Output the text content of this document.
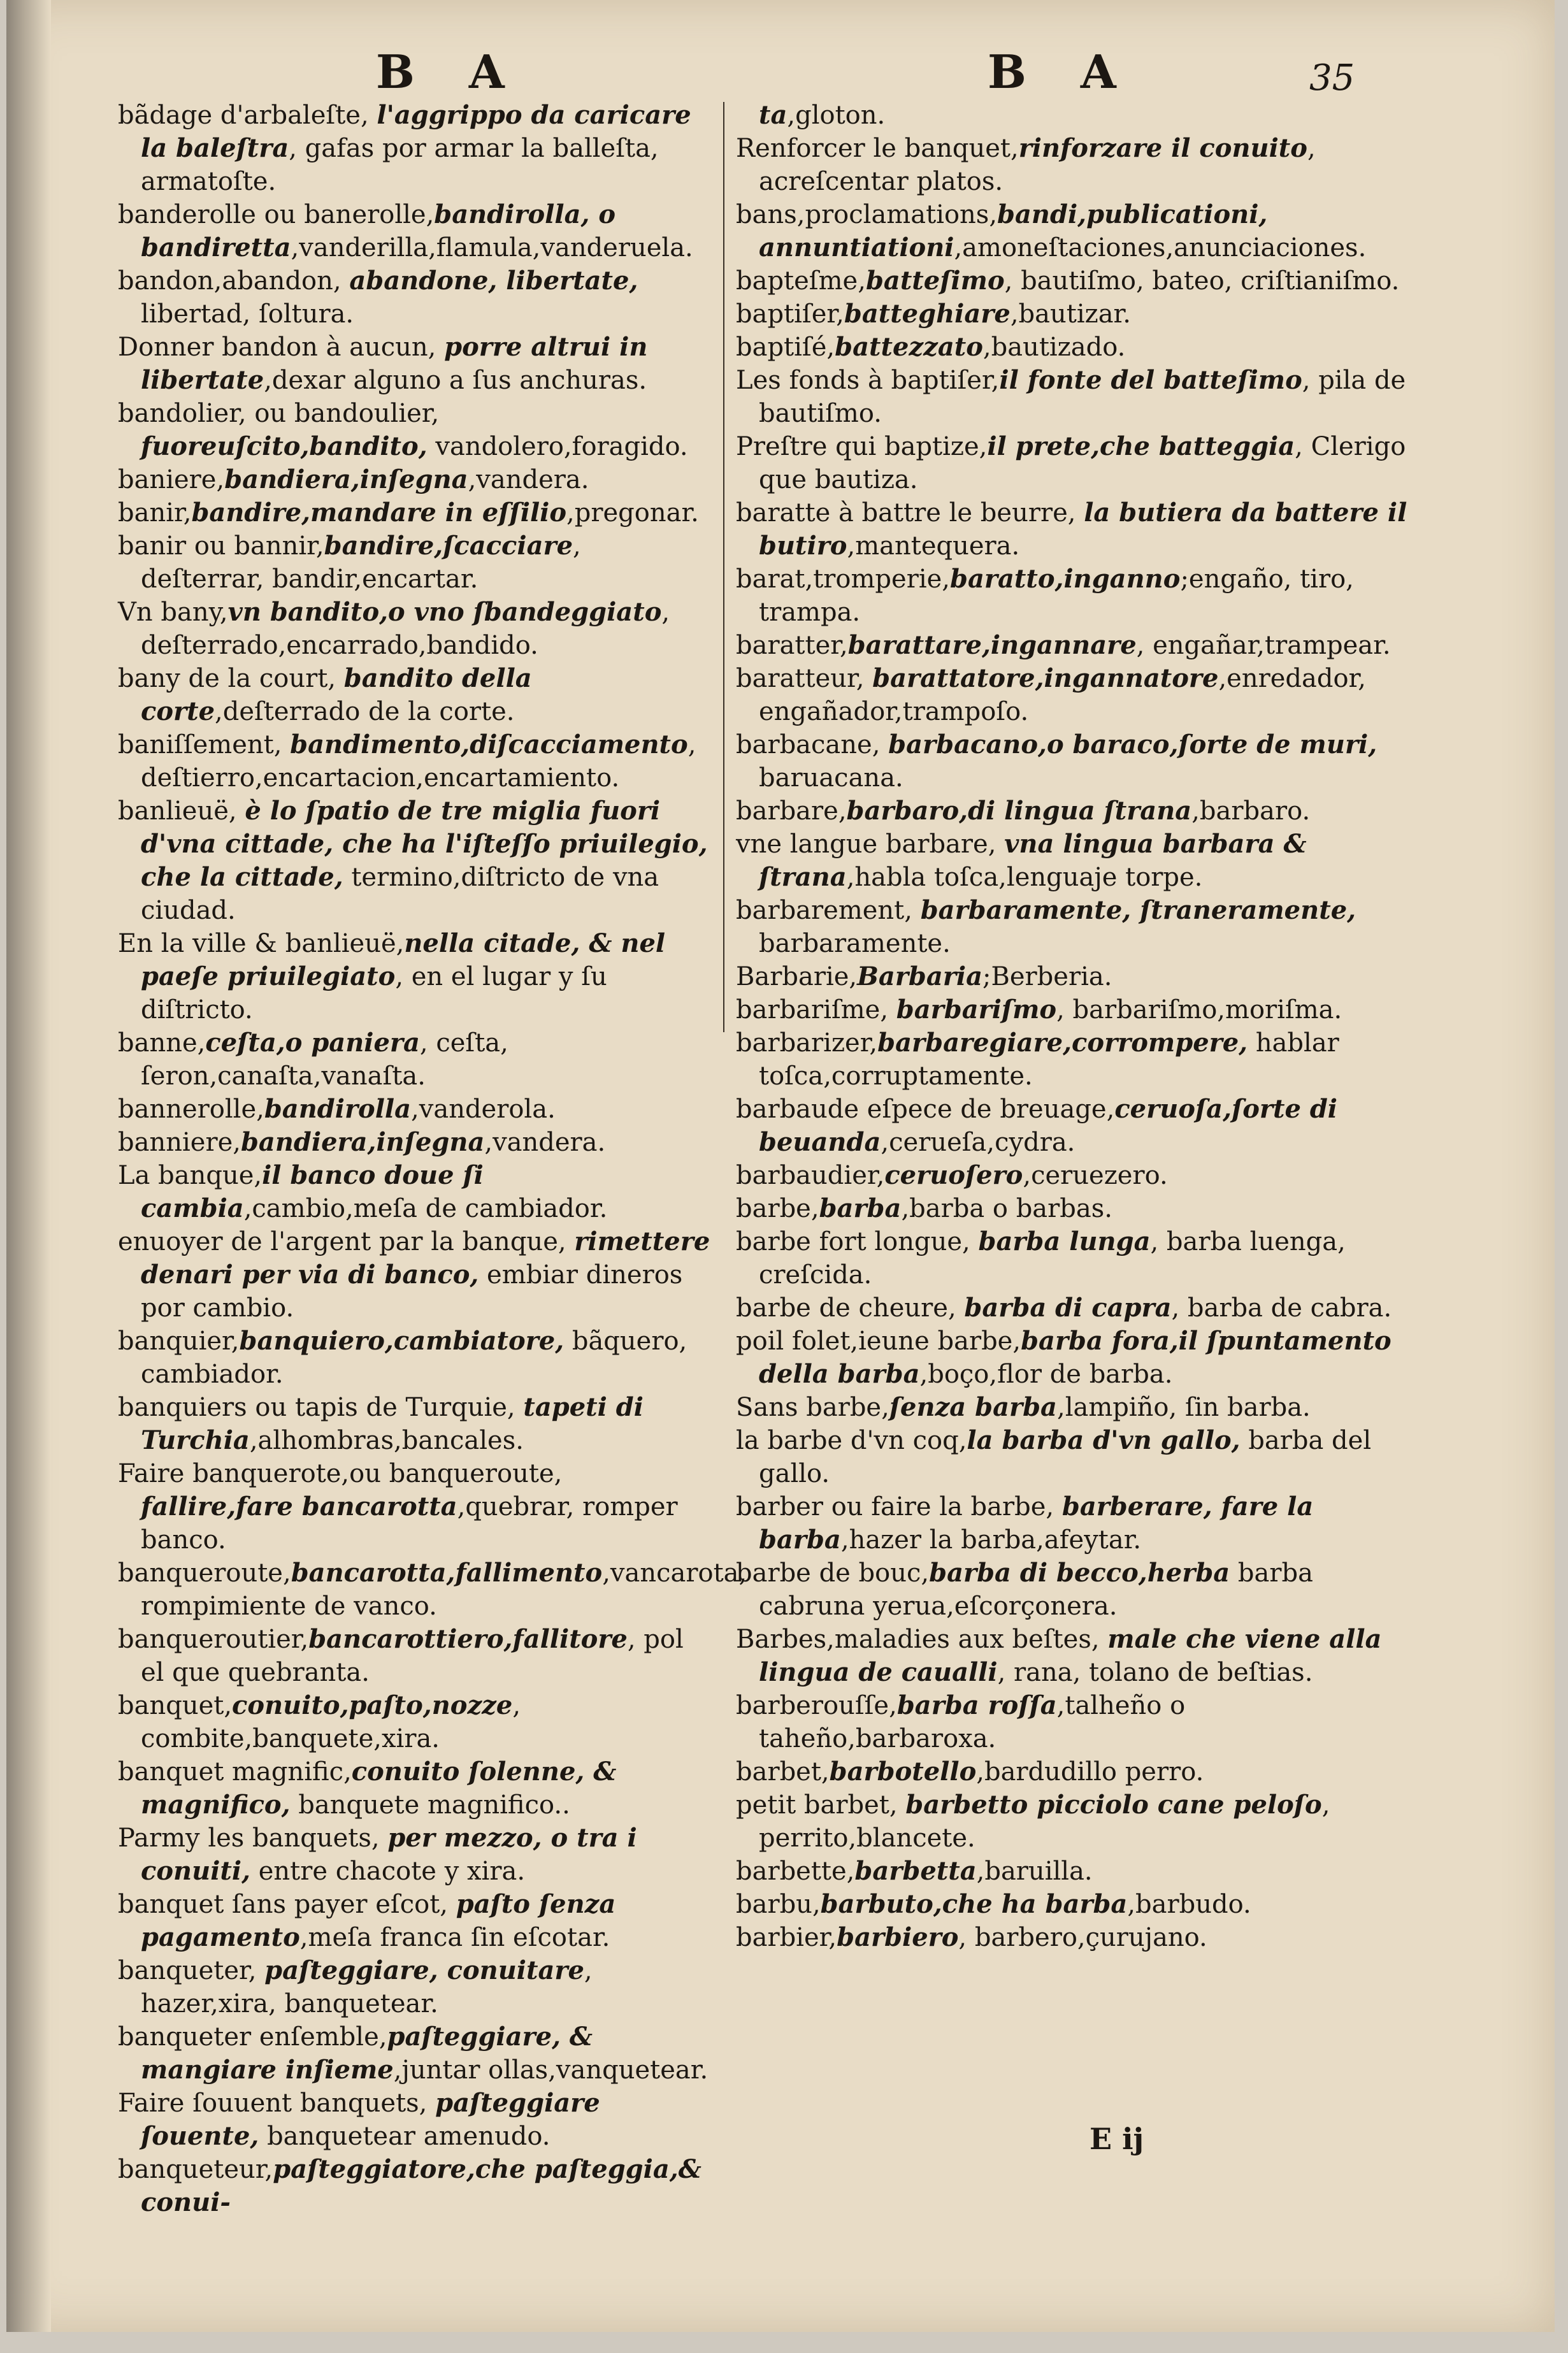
B A	B A	35
bãdage d'arbaleſte, l'aggrippo da caricare la baleſtra, gafas por armar la balleſta, armatoſte.
banderolle ou banerolle,bandirolla, o bandiretta,vanderilla,flamula,vanderuela.
bandon,abandon, abandone, libertate, libertad, ſoltura.
Donner bandon à aucun, porre altrui in libertate,dexar alguno a ſus anchuras.
bandolier, ou bandoulier, fuoreuſcito,bandito, vandolero,foragido.
baniere,bandiera,inſegna,vandera.
banir,bandire,mandare in eſſilio,pregonar.
banir ou bannir,bandire,ſcacciare, deſterrar, bandir,encartar.
Vn bany,vn bandito,o vno ſbandeggiato, deſterrado,encarrado,bandido.
bany de la court, bandito della corte,deſterrado de la corte.
baniſſement, bandimento,diſcacciamento, deſtierro,encartacion,encartamiento.
banlieuë, è lo ſpatio de tre miglia fuori d'vna cittade, che ha l'iſteſſo priuilegio, che la cittade, termino,diſtricto de vna ciudad.
En la ville & banlieuë,nella citade, & nel paeſe priuilegiato, en el lugar y ſu diſtricto.
banne,ceſta,o paniera, ceſta, ſeron,canaſta,vanaſta.
bannerolle,bandirolla,vanderola.
banniere,bandiera,inſegna,vandera.
La banque,il banco doue ſi cambia,cambio,meſa de cambiador.
enuoyer de l'argent par la banque, rimettere denari per via di banco, embiar dineros por cambio.
banquier,banquiero,cambiatore, bãquero, cambiador.
banquiers ou tapis de Turquie, tapeti di Turchia,alhombras,bancales.
Faire banquerote,ou banqueroute, fallire,fare bancarotta,quebrar, romper banco.
banqueroute,bancarotta,fallimento,vancarota, rompimiente de vanco.
banqueroutier,bancarottiero,fallitore, pol el que quebranta.
banquet,conuito,paſto,nozze, combite,banquete,xira.
banquet magnific,conuito ſolenne, & magnifico, banquete magnifico..
Parmy les banquets, per mezzo, o tra i conuiti, entre chacote y xira.
banquet ſans payer eſcot, paſto ſenza pagamento,meſa franca ſin eſcotar.
banqueter, paſteggiare, conuitare, hazer,xira, banquetear.
banqueter enſemble,paſteggiare, & mangiare inſieme,juntar ollas,vanquetear.
Faire ſouuent banquets, paſteggiare ſouente, banquetear amenudo.
banqueteur,paſteggiatore,che paſteggia,& conui-
ta,gloton.
Renforcer le banquet,rinforzare il conuito, acreſcentar platos.
bans,proclamations,bandi,publicationi, annuntiationi,amoneſtaciones,anunciaciones.
bapteſme,batteſimo, bautiſmo, bateo, criſtianiſmo.
baptiſer,batteghiare,bautizar.
baptiſé,battezzato,bautizado.
Les fonds à baptiſer,il fonte del batteſimo, pila de bautiſmo.
Preſtre qui baptize,il prete,che batteggia, Clerigo que bautiza.
baratte à battre le beurre, la butiera da battere il butiro,mantequera.
barat,tromperie,baratto,inganno;engaño, tiro, trampa.
baratter,barattare,ingannare, engañar,trampear.
baratteur, barattatore,ingannatore,enredador, engañador,trampoſo.
barbacane, barbacano,o baraco,ſorte de muri, baruacana.
barbare,barbaro,di lingua ſtrana,barbaro.
vne langue barbare, vna lingua barbara & ſtrana,habla toſca,lenguaje torpe.
barbarement, barbaramente, ſtraneramente, barbaramente.
Barbarie,Barbaria;Berberia.
barbariſme, barbariſmo, barbariſmo,moriſma.
barbarizer,barbaregiare,corrompere, hablar toſca,corruptamente.
barbaude eſpece de breuage,ceruoſa,ſorte di beuanda,cerueſa,cydra.
barbaudier,ceruoſero,ceruezero.
barbe,barba,barba o barbas.
barbe fort longue, barba lunga, barba luenga, creſcida.
barbe de cheure, barba di capra, barba de cabra.
poil folet,ieune barbe,barba fora,il ſpuntamento della barba,boço,flor de barba.
Sans barbe,ſenza barba,lampiño, ſin barba.
la barbe d'vn coq,la barba d'vn gallo, barba del gallo.
barber ou faire la barbe, barberare, fare la barba,hazer la barba,afeytar.
barbe de bouc,barba di becco,herba barba cabruna yerua,eſcorçonera.
Barbes,maladies aux beſtes, male che viene alla lingua de caualli, rana, tolano de beſtias.
barberouſſe,barba roſſa,talheño o taheño,barbaroxa.
barbet,barbotello,bardudillo perro.
petit barbet, barbetto picciolo cane peloſo, perrito,blancete.
barbette,barbetta,baruilla.
barbu,barbuto,che ha barba,barbudo.
barbier,barbiero, barbero,çurujano.
E ij
